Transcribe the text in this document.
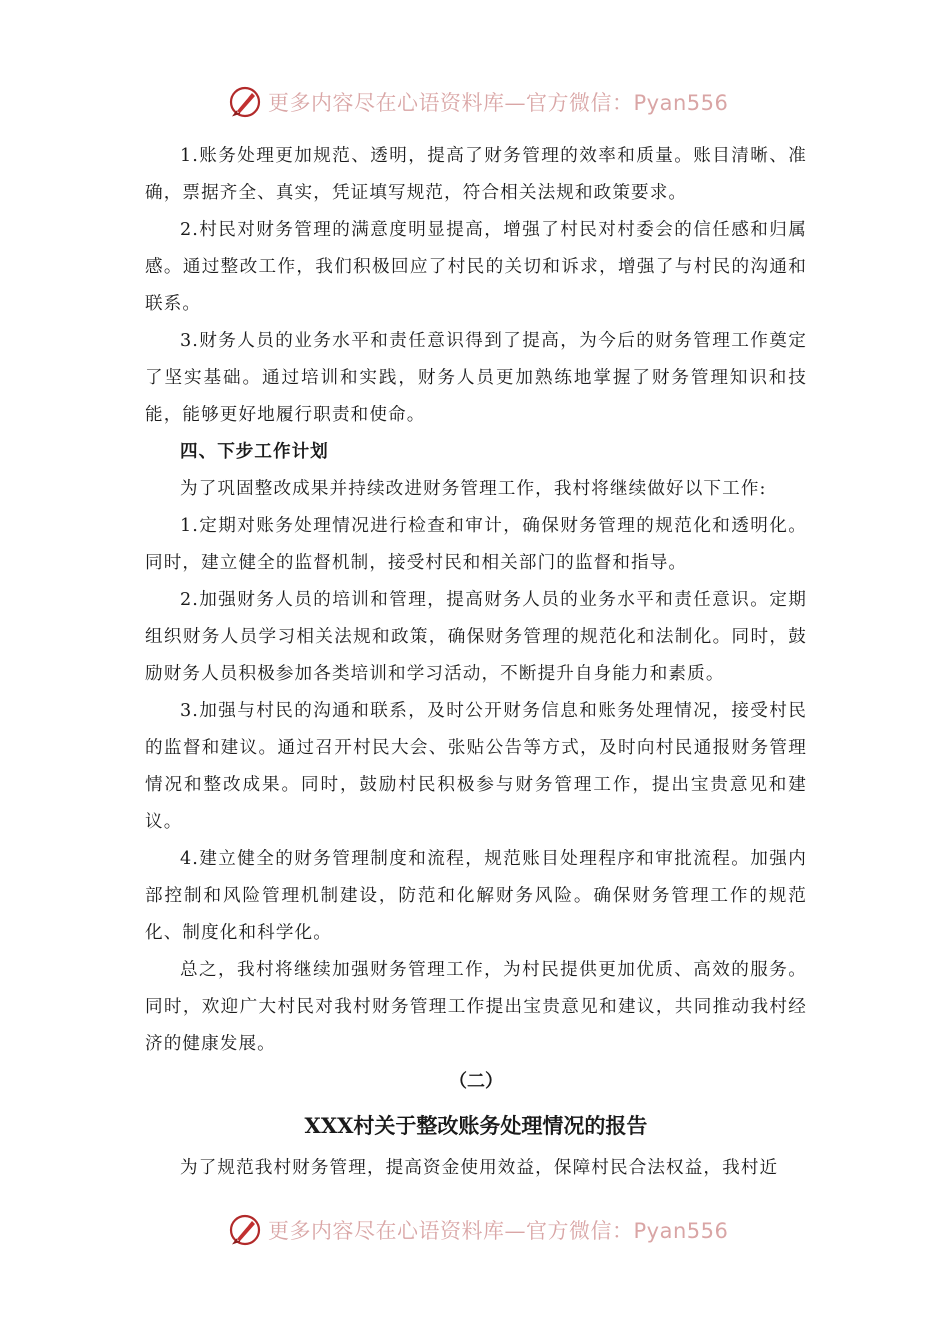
更多内容尽在心语资料库—官方微信：Pyan556

1.账务处理更加规范、透明，提高了财务管理的效率和质量。账目清晰、准确，票据齐全、真实，凭证填写规范，符合相关法规和政策要求。

2.村民对财务管理的满意度明显提高，增强了村民对村委会的信任感和归属感。通过整改工作，我们积极回应了村民的关切和诉求，增强了与村民的沟通和联系。

3.财务人员的业务水平和责任意识得到了提高，为今后的财务管理工作奠定了坚实基础。通过培训和实践，财务人员更加熟练地掌握了财务管理知识和技能，能够更好地履行职责和使命。

四、下步工作计划

为了巩固整改成果并持续改进财务管理工作，我村将继续做好以下工作:

1.定期对账务处理情况进行检查和审计，确保财务管理的规范化和透明化。同时，建立健全的监督机制，接受村民和相关部门的监督和指导。

2.加强财务人员的培训和管理，提高财务人员的业务水平和责任意识。定期组织财务人员学习相关法规和政策，确保财务管理的规范化和法制化。同时，鼓励财务人员积极参加各类培训和学习活动，不断提升自身能力和素质。

3.加强与村民的沟通和联系，及时公开财务信息和账务处理情况，接受村民的监督和建议。通过召开村民大会、张贴公告等方式，及时向村民通报财务管理情况和整改成果。同时，鼓励村民积极参与财务管理工作，提出宝贵意见和建议。

4.建立健全的财务管理制度和流程，规范账目处理程序和审批流程。加强内部控制和风险管理机制建设，防范和化解财务风险。确保财务管理工作的规范化、制度化和科学化。

总之，我村将继续加强财务管理工作，为村民提供更加优质、高效的服务。同时，欢迎广大村民对我村财务管理工作提出宝贵意见和建议，共同推动我村经济的健康发展。

（二）

XXX村关于整改账务处理情况的报告

为了规范我村财务管理，提高资金使用效益，保障村民合法权益，我村近

更多内容尽在心语资料库—官方微信：Pyan556
